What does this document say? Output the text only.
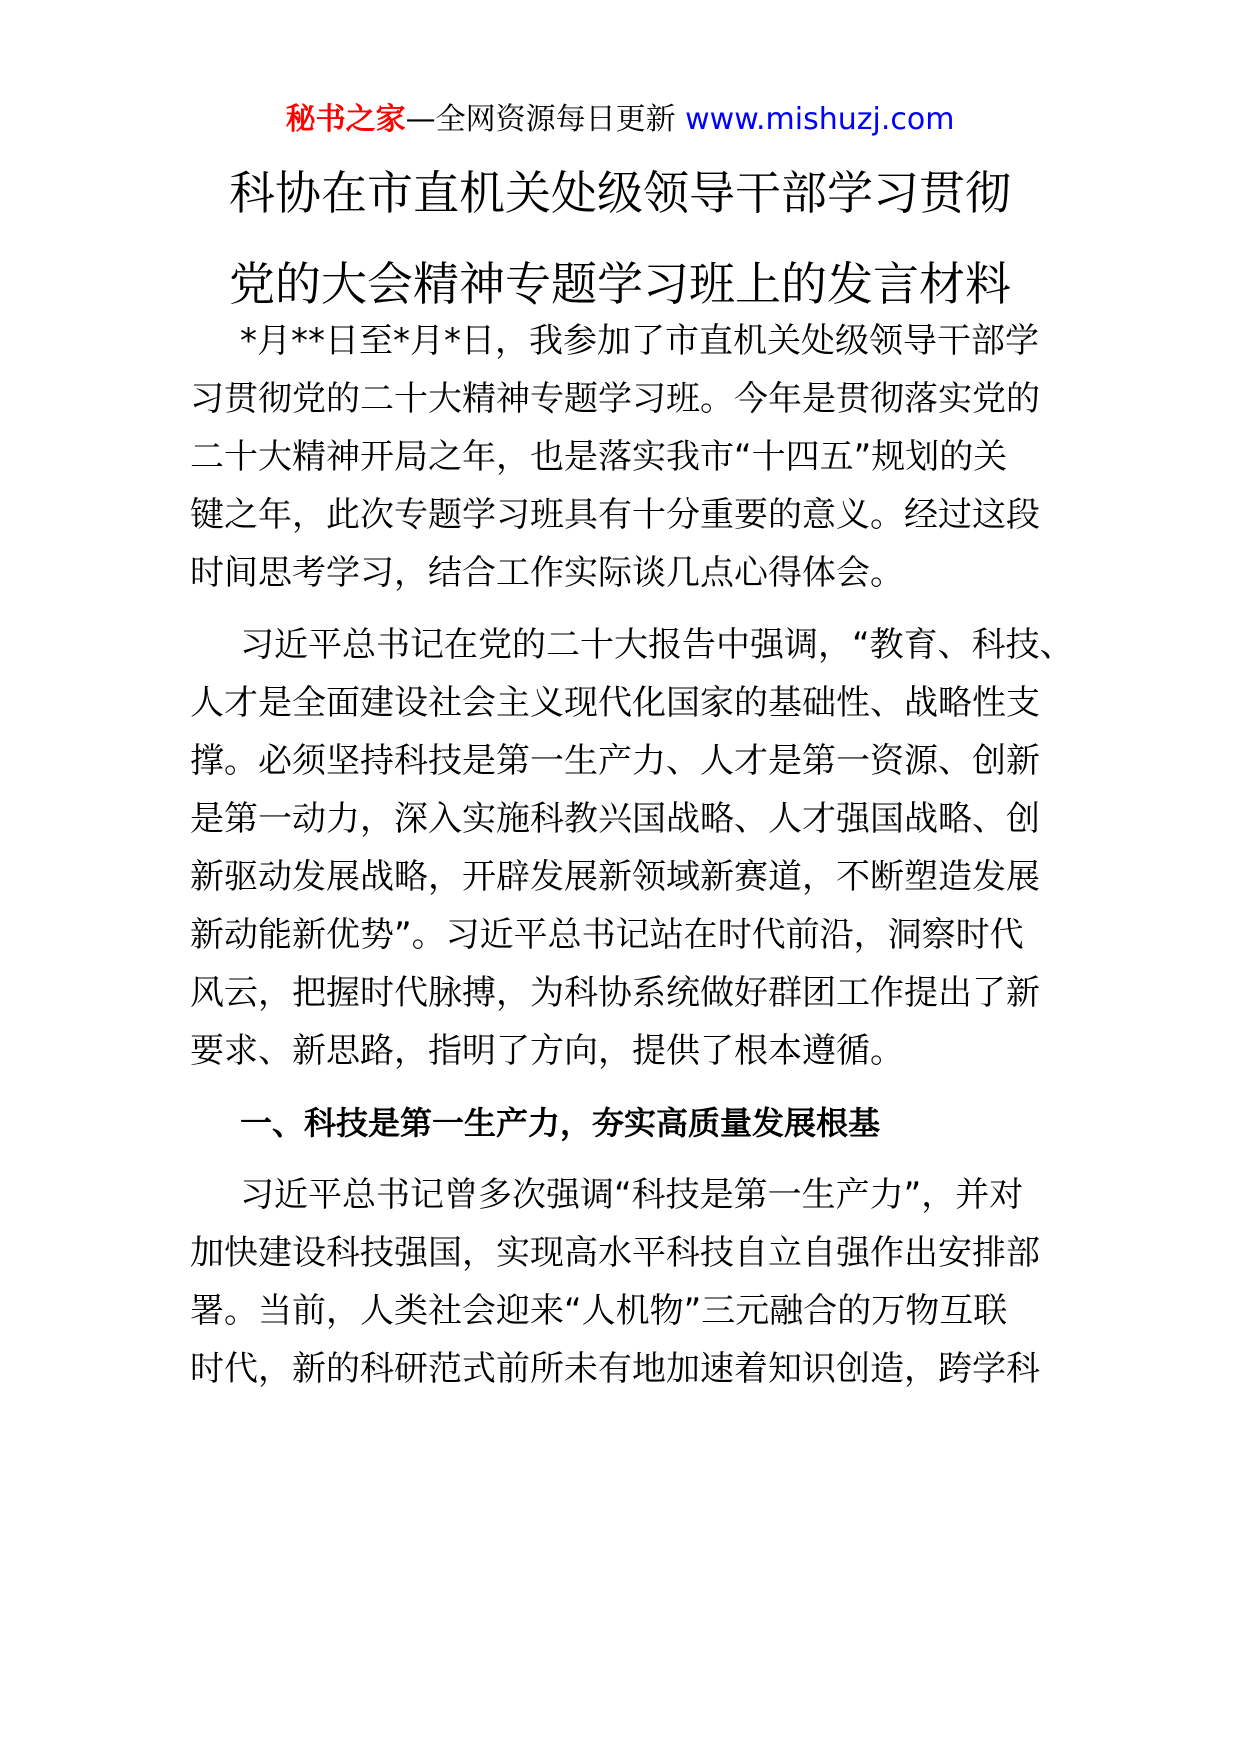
秘书之家—全网资源每日更新 www.mishuzj.com
科协在市直机关处级领导干部学习贯彻
党的大会精神专题学习班上的发言材料
*月**日至*月*日，我参加了市直机关处级领导干部学
习贯彻党的二十大精神专题学习班。今年是贯彻落实党的
二十大精神开局之年，也是落实我市“十四五”规划的关
键之年，此次专题学习班具有十分重要的意义。经过这段
时间思考学习，结合工作实际谈几点心得体会。
习近平总书记在党的二十大报告中强调，“教育、科技、
人才是全面建设社会主义现代化国家的基础性、战略性支
撑。必须坚持科技是第一生产力、人才是第一资源、创新
是第一动力，深入实施科教兴国战略、人才强国战略、创
新驱动发展战略，开辟发展新领域新赛道，不断塑造发展
新动能新优势”。习近平总书记站在时代前沿，洞察时代
风云，把握时代脉搏，为科协系统做好群团工作提出了新
要求、新思路，指明了方向，提供了根本遵循。
一、科技是第一生产力，夯实高质量发展根基
习近平总书记曾多次强调“科技是第一生产力”，并对
加快建设科技强国，实现高水平科技自立自强作出安排部
署。当前，人类社会迎来“人机物”三元融合的万物互联
时代，新的科研范式前所未有地加速着知识创造，跨学科
